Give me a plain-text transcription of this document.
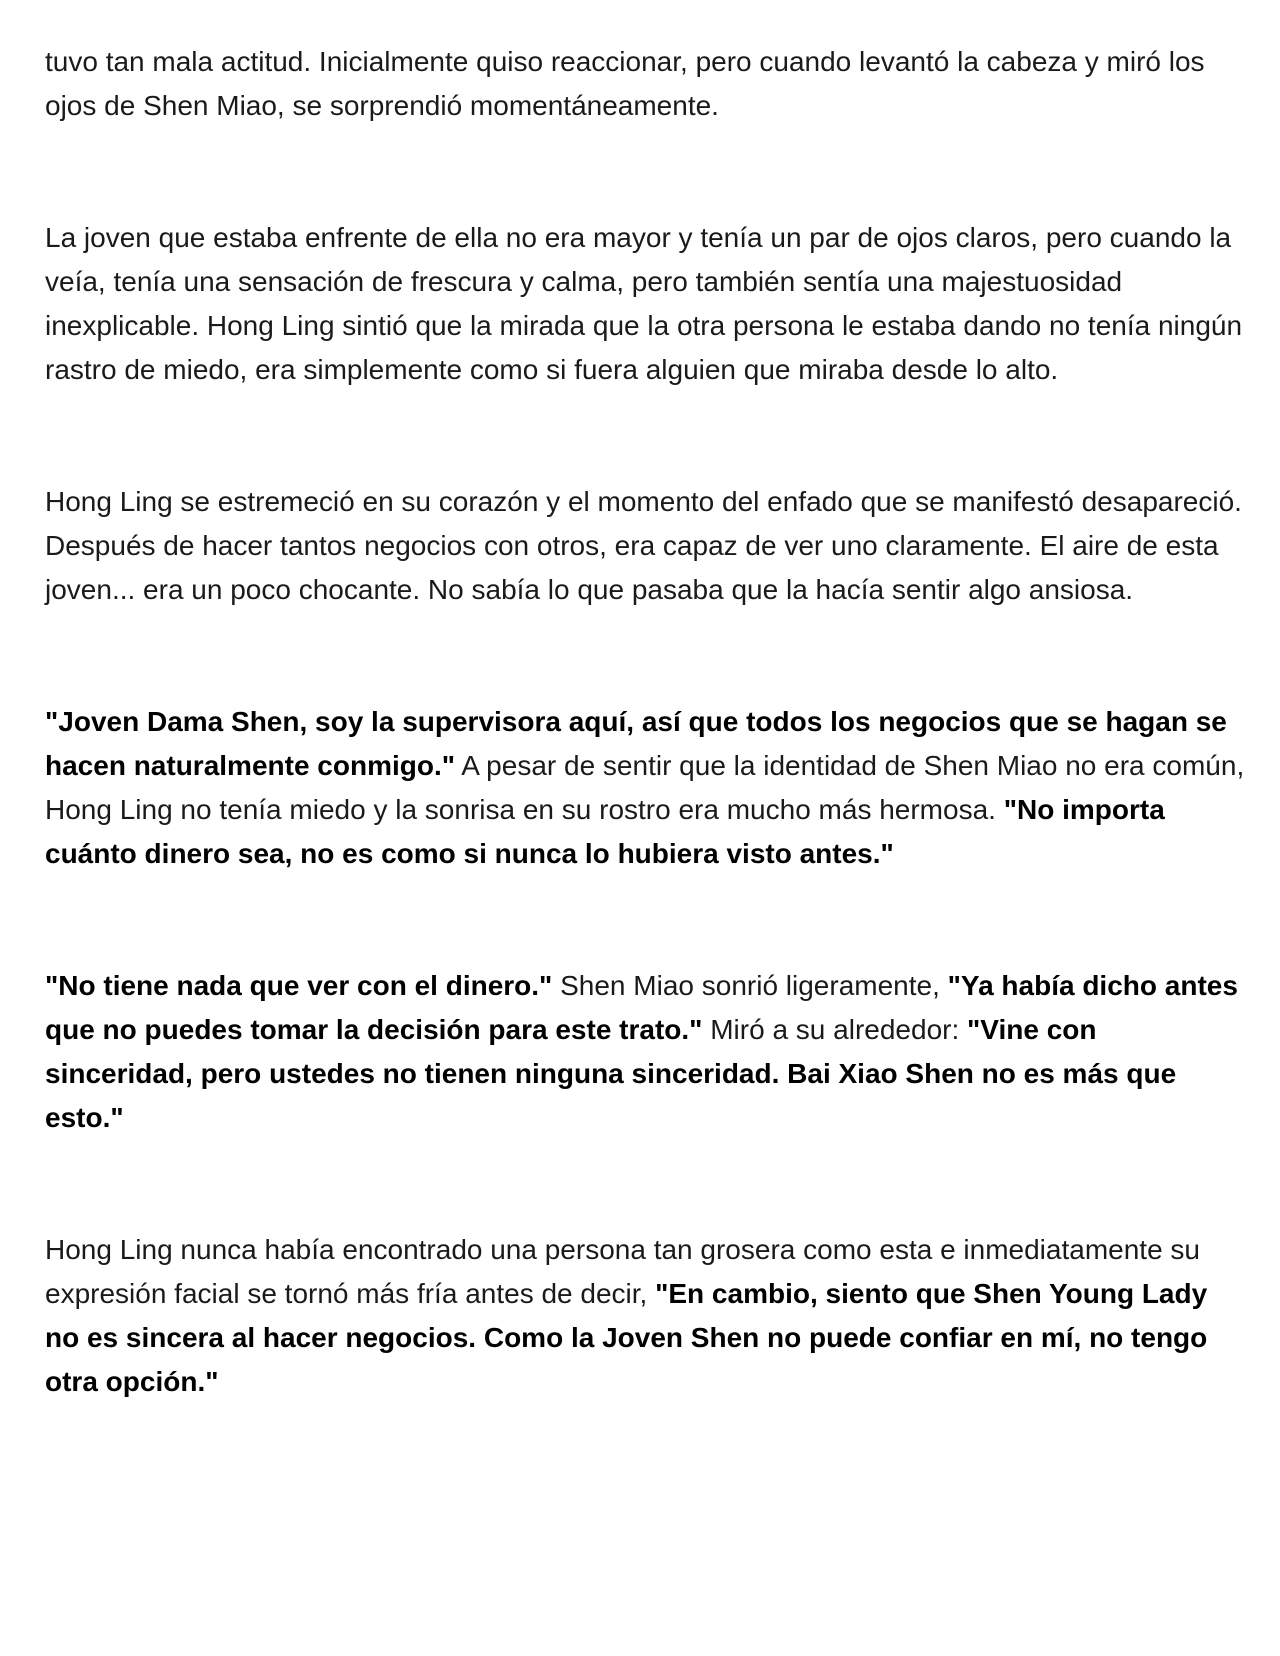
tuvo tan mala actitud. Inicialmente quiso reaccionar, pero cuando levantó la cabeza y miró los ojos de Shen Miao, se sorprendió momentáneamente.

La joven que estaba enfrente de ella no era mayor y tenía un par de ojos claros, pero cuando la veía, tenía una sensación de frescura y calma, pero también sentía una majestuosidad inexplicable. Hong Ling sintió que la mirada que la otra persona le estaba dando no tenía ningún rastro de miedo, era simplemente como si fuera alguien que miraba desde lo alto.

Hong Ling se estremeció en su corazón y el momento del enfado que se manifestó desapareció. Después de hacer tantos negocios con otros, era capaz de ver uno claramente. El aire de esta joven... era un poco chocante. No sabía lo que pasaba que la hacía sentir algo ansiosa.

"Joven Dama Shen, soy la supervisora aquí, así que todos los negocios que se hagan se hacen naturalmente conmigo." A pesar de sentir que la identidad de Shen Miao no era común, Hong Ling no tenía miedo y la sonrisa en su rostro era mucho más hermosa. "No importa cuánto dinero sea, no es como si nunca lo hubiera visto antes."

"No tiene nada que ver con el dinero." Shen Miao sonrió ligeramente, "Ya había dicho antes que no puedes tomar la decisión para este trato." Miró a su alrededor: "Vine con sinceridad, pero ustedes no tienen ninguna sinceridad. Bai Xiao Shen no es más que esto."

Hong Ling nunca había encontrado una persona tan grosera como esta e inmediatamente su expresión facial se tornó más fría antes de decir, "En cambio, siento que Shen Young Lady no es sincera al hacer negocios. Como la Joven Shen no puede confiar en mí, no tengo otra opción."
